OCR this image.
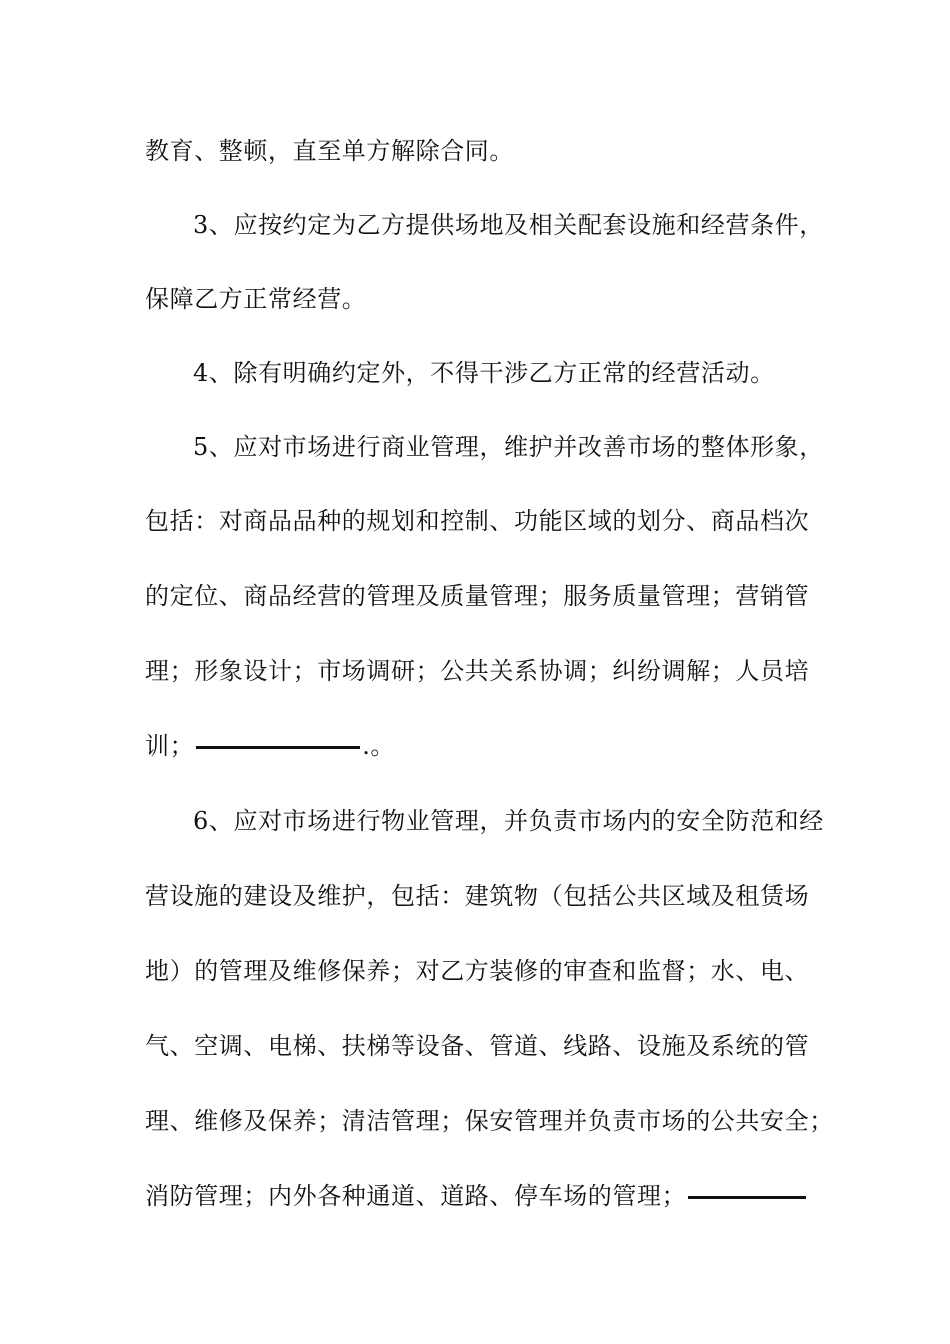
教育、整顿，直至单方解除合同。
3、应按约定为乙方提供场地及相关配套设施和经营条件，
保障乙方正常经营。
4、除有明确约定外，不得干涉乙方正常的经营活动。
5、应对市场进行商业管理，维护并改善市场的整体形象，
包括：对商品品种的规划和控制、功能区域的划分、商品档次
的定位、商品经营的管理及质量管理；服务质量管理；营销管
理；形象设计；市场调研；公共关系协调；纠纷调解；人员培
训；	.。
6、应对市场进行物业管理，并负责市场内的安全防范和经
营设施的建设及维护，包括：建筑物（包括公共区域及租赁场
地）的管理及维修保养；对乙方装修的审查和监督；水、电、
气、空调、电梯、扶梯等设备、管道、线路、设施及系统的管
理、维修及保养；清洁管理；保安管理并负责市场的公共安全；
消防管理；内外各种通道、道路、停车场的管理；
